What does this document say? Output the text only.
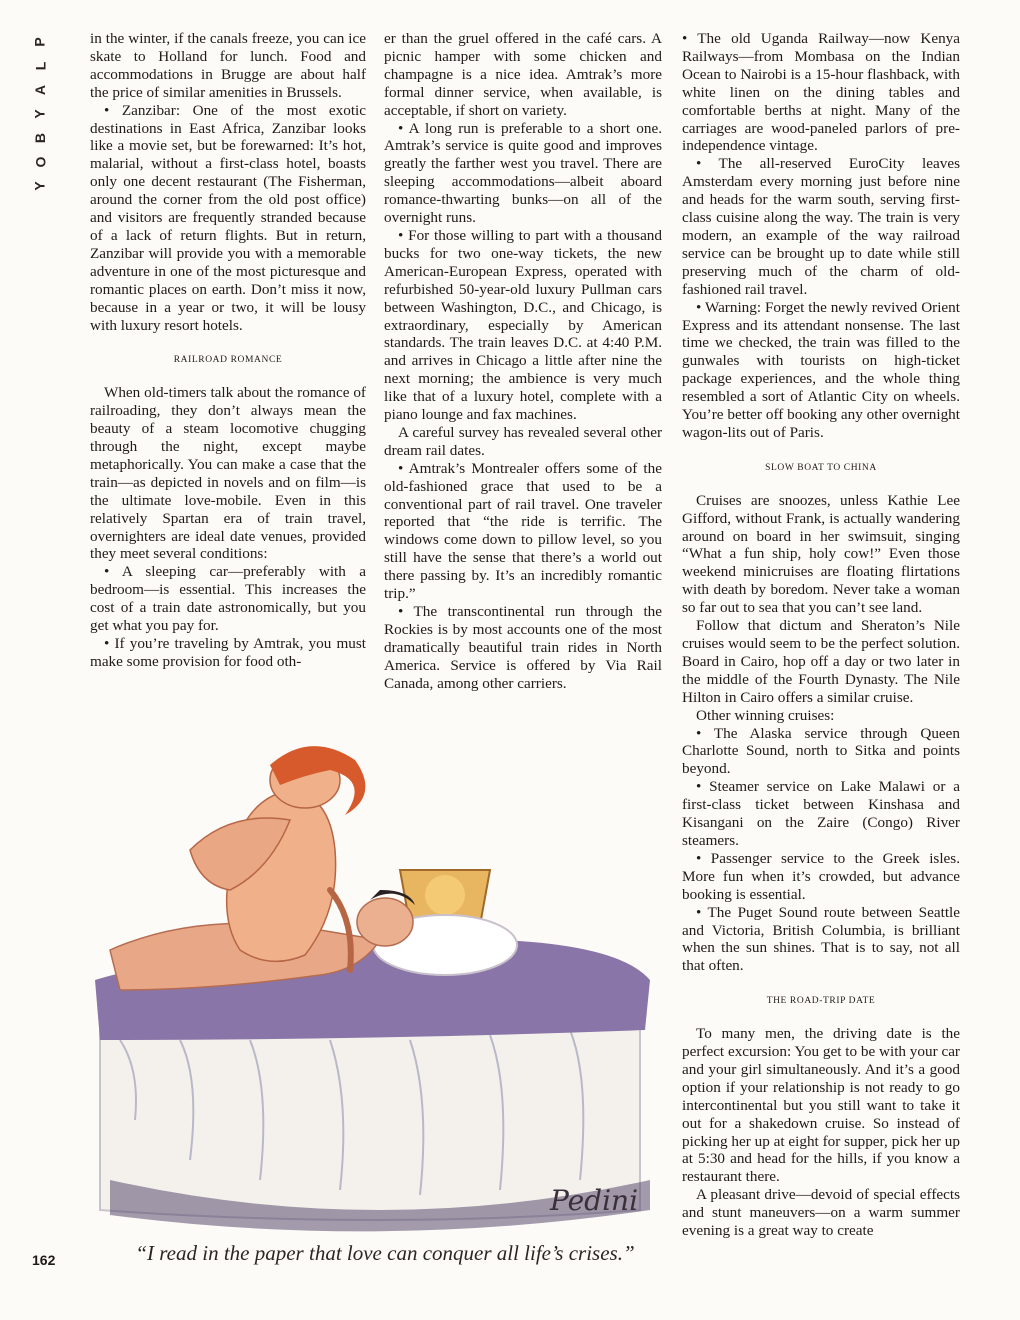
P
L
A
Y
B
O
Y

in the winter, if the canals freeze, you can ice skate to Holland for lunch. Food and accommodations in Brugge are about half the price of similar amenities in Brussels.

• Zanzibar: One of the most exotic destinations in East Africa, Zanzibar looks like a movie set, but be forewarned: It’s hot, malarial, without a first-class hotel, boasts only one decent restaurant (The Fisherman, around the corner from the old post office) and visitors are frequently stranded because of a lack of return flights. But in return, Zanzibar will provide you with a memorable adventure in one of the most picturesque and romantic places on earth. Don’t miss it now, because in a year or two, it will be lousy with luxury resort hotels.

RAILROAD ROMANCE

When old-timers talk about the romance of railroading, they don’t always mean the beauty of a steam locomotive chugging through the night, except maybe metaphorically. You can make a case that the train—as depicted in novels and on film—is the ultimate love-mobile. Even in this relatively Spartan era of train travel, overnighters are ideal date venues, provided they meet several conditions:

• A sleeping car—preferably with a bedroom—is essential. This increases the cost of a train date astronomically, but you get what you pay for.

• If you’re traveling by Amtrak, you must make some provision for food oth-

er than the gruel offered in the café cars. A picnic hamper with some chicken and champagne is a nice idea. Amtrak’s more formal dinner service, when available, is acceptable, if short on variety.

• A long run is preferable to a short one. Amtrak’s service is quite good and improves greatly the farther west you travel. There are sleeping accommodations—albeit aboard romance-thwarting bunks—on all of the overnight runs.

• For those willing to part with a thousand bucks for two one-way tickets, the new American-European Express, operated with refurbished 50-year-old luxury Pullman cars between Washington, D.C., and Chicago, is extraordinary, especially by American standards. The train leaves D.C. at 4:40 P.M. and arrives in Chicago a little after nine the next morning; the ambience is very much like that of a luxury hotel, complete with a piano lounge and fax machines.

A careful survey has revealed several other dream rail dates.

• Amtrak’s Montrealer offers some of the old-fashioned grace that used to be a conventional part of rail travel. One traveler reported that “the ride is terrific. The windows come down to pillow level, so you still have the sense that there’s a world out there passing by. It’s an incredibly romantic trip.”

• The transcontinental run through the Rockies is by most accounts one of the most dramatically beautiful train rides in North America. Service is offered by Via Rail Canada, among other carriers.

• The old Uganda Railway—now Kenya Railways—from Mombasa on the Indian Ocean to Nairobi is a 15-hour flashback, with white linen on the dining tables and comfortable berths at night. Many of the carriages are wood-paneled parlors of pre-independence vintage.

• The all-reserved EuroCity leaves Amsterdam every morning just before nine and heads for the warm south, serving first-class cuisine along the way. The train is very modern, an example of the way railroad service can be brought up to date while still preserving much of the charm of old-fashioned rail travel.

• Warning: Forget the newly revived Orient Express and its attendant nonsense. The last time we checked, the train was filled to the gunwales with tourists on high-ticket package experiences, and the whole thing resembled a sort of Atlantic City on wheels. You’re better off booking any other overnight wagon-lits out of Paris.

SLOW BOAT TO CHINA

Cruises are snoozes, unless Kathie Lee Gifford, without Frank, is actually wandering around on board in her swimsuit, singing “What a fun ship, holy cow!” Even those weekend minicruises are floating flirtations with death by boredom. Never take a woman so far out to sea that you can’t see land.

Follow that dictum and Sheraton’s Nile cruises would seem to be the perfect solution. Board in Cairo, hop off a day or two later in the middle of the Fourth Dynasty. The Nile Hilton in Cairo offers a similar cruise.

Other winning cruises:

• The Alaska service through Queen Charlotte Sound, north to Sitka and points beyond.

• Steamer service on Lake Malawi or a first-class ticket between Kinshasa and Kisangani on the Zaire (Congo) River steamers.

• Passenger service to the Greek isles. More fun when it’s crowded, but advance booking is essential.

• The Puget Sound route between Seattle and Victoria, British Columbia, is brilliant when the sun shines. That is to say, not all that often.

THE ROAD-TRIP DATE

To many men, the driving date is the perfect excursion: You get to be with your car and your girl simultaneously. And it’s a good option if your relationship is not ready to go intercontinental but you still want to take it out for a shakedown cruise. So instead of picking her up at eight for supper, pick her up at 5:30 and head for the hills, if you know a restaurant there.

A pleasant drive—devoid of special effects and stunt maneuvers—on a warm summer evening is a great way to create

Pedini
“I read in the paper that love can conquer all life’s crises.”
162
